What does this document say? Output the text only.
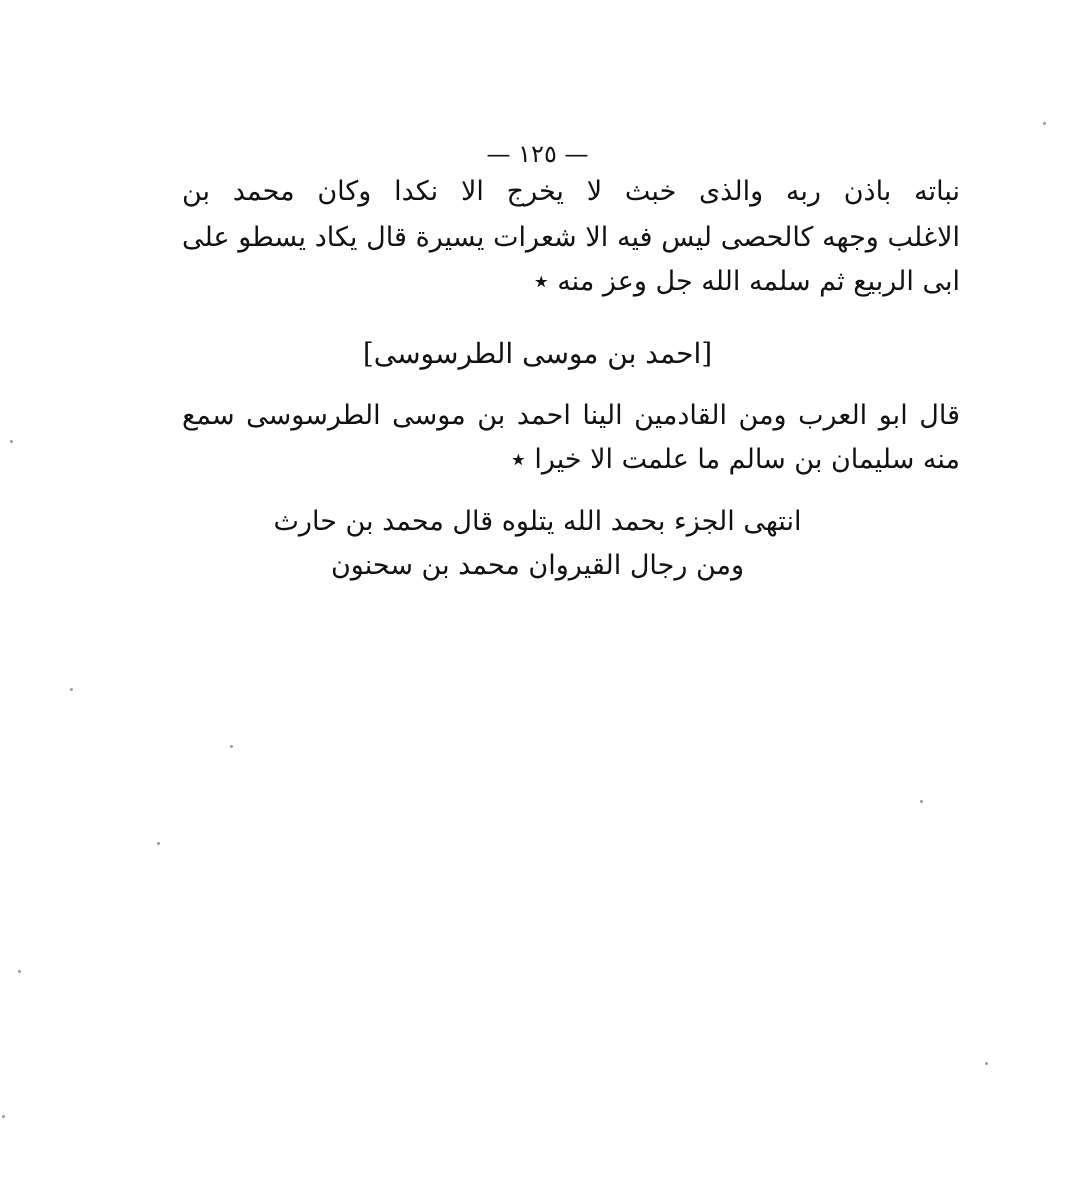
— ١٢٥ —
نباته باذن ربه والذى خبث لا يخرج الا نكدا وكان محمد بن
الاغلب وجهه كالحصى ليس فيه الا شعرات يسيرة قال يكاد يسطو على
ابى الربيع ثم سلمه الله جل وعز منه ٭
[احمد بن موسى الطرسوسى]
قال ابو العرب ومن القادمين الينا احمد بن موسى الطرسوسى سمع
منه سليمان بن سالم ما علمت الا خيرا ٭
انتهى الجزء بحمد الله يتلوه قال محمد بن حارث
ومن رجال القيروان محمد بن سحنون
